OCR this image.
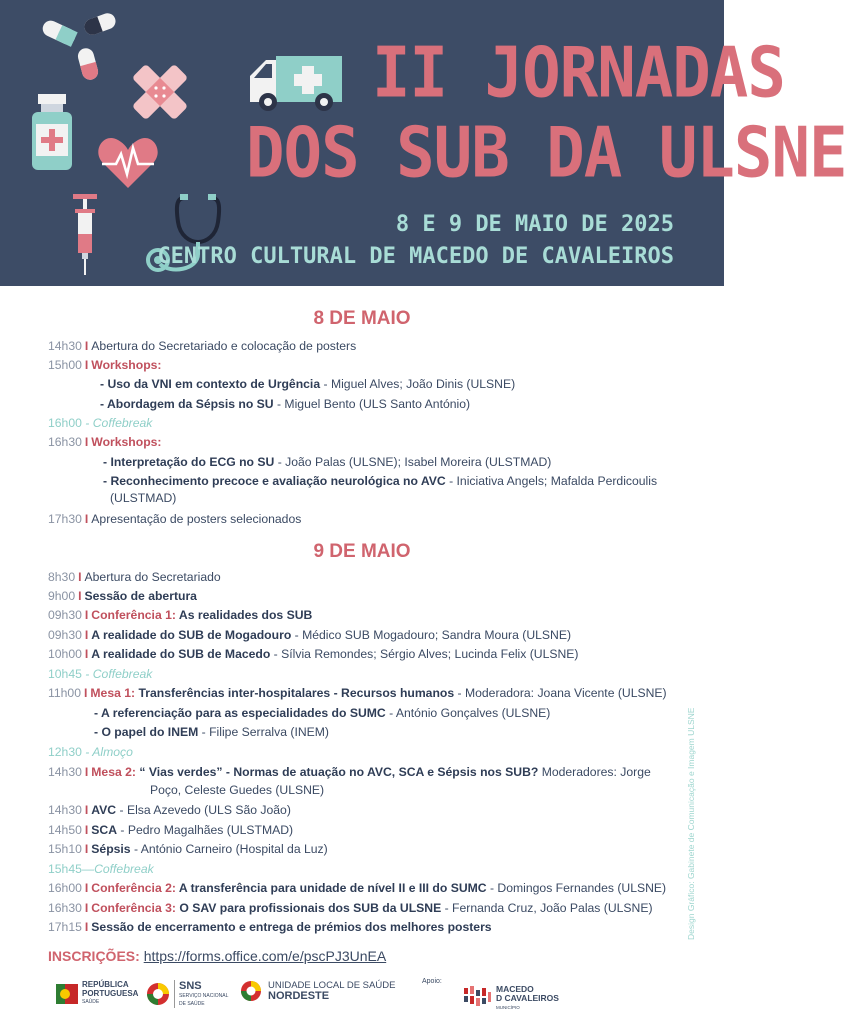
II JORNADAS
DOS SUB DA ULSNE
8 E 9 DE MAIO DE 2025
CENTRO CULTURAL DE MACEDO DE CAVALEIROS
8 DE MAIO
14h30 I Abertura do Secretariado e colocação de posters
15h00 I Workshops:
- Uso da VNI em contexto de Urgência - Miguel Alves; João Dinis (ULSNE)
- Abordagem da Sépsis no SU - Miguel Bento (ULS Santo António)
16h00 - Coffebreak
16h30 I Workshops:
- Interpretação do ECG no SU - João Palas (ULSNE); Isabel Moreira (ULSTMAD)
- Reconhecimento precoce e avaliação neurológica no AVC - Iniciativa Angels; Mafalda Perdicoulis
(ULSTMAD)
17h30 I Apresentação de posters selecionados
9 DE MAIO
8h30 I Abertura do Secretariado
9h00 I Sessão de abertura
09h30 I Conferência 1: As realidades dos SUB
09h30 I A realidade do SUB de Mogadouro - Médico SUB Mogadouro; Sandra Moura (ULSNE)
10h00 I A realidade do SUB de Macedo - Sílvia Remondes; Sérgio Alves; Lucinda Felix (ULSNE)
10h45 - Coffebreak
11h00 I Mesa 1: Transferências inter-hospitalares - Recursos humanos - Moderadora: Joana Vicente (ULSNE)
- A referenciação para as especialidades do SUMC - António Gonçalves (ULSNE)
- O papel do INEM - Filipe Serralva (INEM)
12h30 - Almoço
14h30 I Mesa 2: “ Vias verdes” - Normas de atuação no AVC, SCA e Sépsis nos SUB? Moderadores: Jorge
Poço, Celeste Guedes (ULSNE)
14h30 I AVC - Elsa Azevedo (ULS São João)
14h50 I SCA - Pedro Magalhães (ULSTMAD)
15h10 I Sépsis - António Carneiro (Hospital da Luz)
15h45—Coffebreak
16h00 I Conferência 2: A transferência para unidade de nível II e III do SUMC - Domingos Fernandes (ULSNE)
16h30 I Conferência 3: O SAV para profissionais dos SUB da ULSNE - Fernanda Cruz, João Palas (ULSNE)
17h15 I Sessão de encerramento e entrega de prémios dos melhores posters	Design Gráfico: Gabinete de Comunicação e Imagem ULSNE
INSCRIÇÕES: https://forms.office.com/e/pscPJ3UnEA
REPÚBLICA
PORTUGUESA
SAÚDE
SNS
SERVIÇO NACIONAL
DE SAÚDE
UNIDADE LOCAL DE SAÚDE
NORDESTE
Apoio:
MACEDO
D CAVALEIROS
MUNICÍPIO
